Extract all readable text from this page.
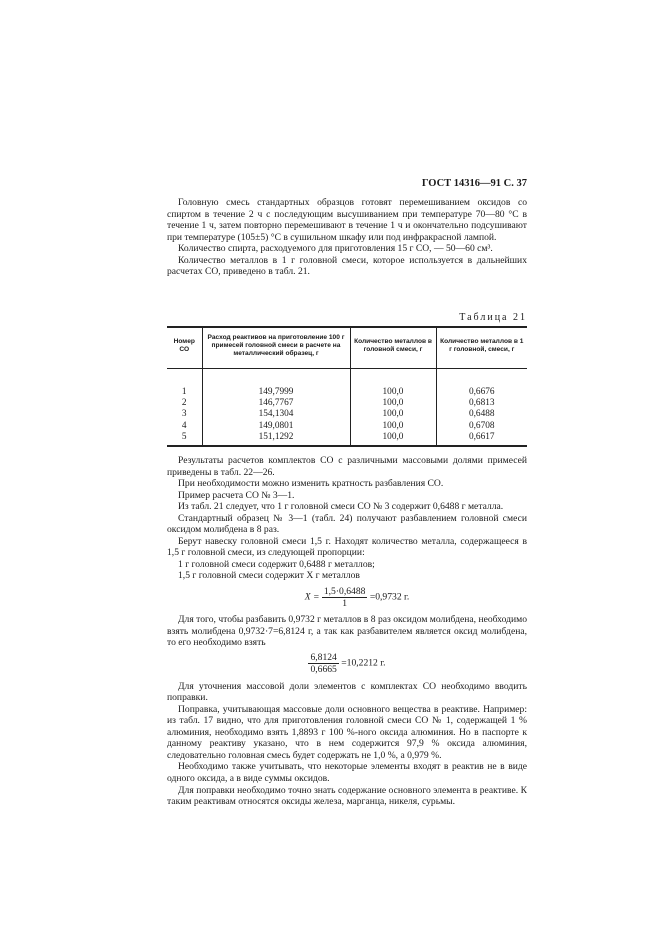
ГОСТ 14316—91 С. 37

Головную смесь стандартных образцов готовят перемешиванием оксидов со спиртом в течение 2 ч с последующим высушиванием при температуре 70—80 °С в течение 1 ч, затем повторно перемешивают в течение 1 ч и окончательно подсушивают при температуре (105±5) °С в сушильном шкафу или под инфракрасной лампой.

Количество спирта, расходуемого для приготовления 15 г СО, — 50—60 см³.

Количество металлов в 1 г головной смеси, которое используется в дальнейших расчетах СО, приведено в табл. 21.

Таблица 21
Номер СО	Расход реактивов на приготовление 100 г примесей головной смеси в расчете на металлический образец, г	Количество металлов в головной смеси, г	Количество металлов в 1 г головной, смеси, г
1	149,7999	100,0	0,6676
2	146,7767	100,0	0,6813
3	154,1304	100,0	0,6488
4	149,0801	100,0	0,6708
5	151,1292	100,0	0,6617

Результаты расчетов комплектов СО с различными массовыми долями примесей приведены в табл. 22—26.

При необходимости можно изменить кратность разбавления СО.

Пример расчета СО № 3—1.

Из табл. 21 следует, что 1 г головной смеси СО № 3 содержит 0,6488 г металла.

Стандартный образец № 3—1 (табл. 24) получают разбавлением головной смеси оксидом молибдена в 8 раз.

Берут навеску головной смеси 1,5 г. Находят количество металла, содержащееся в 1,5 г головной смеси, из следующей пропорции:

1 г головной смеси содержит 0,6488 г металлов;

1,5 г головной смеси содержит X г металлов

$X = \frac{1,5\cdot 0,6488}{1} =0,9732$ г.

Для того, чтобы разбавить 0,9732 г металлов в 8 раз оксидом молибдена, необходимо взять молибдена 0,9732·7=6,8124 г, а так как разбавителем является оксид молибдена, то его необходимо взять

$\frac{6,8124}{0,6665} =10,2212$ г.

Для уточнения массовой доли элементов с комплектах СО необходимо вводить поправки.

Поправка, учитывающая массовые доли основного вещества в реактиве. Например: из табл. 17 видно, что для приготовления головной смеси СО № 1, содержащей 1 % алюминия, необходимо взять 1,8893 г 100 %-ного оксида алюминия. Но в паспорте к данному реактиву указано, что в нем содержится 97,9 % оксида алюминия, следовательно головная смесь будет содержать не 1,0 %, а 0,979 %.

Необходимо также учитывать, что некоторые элементы входят в реактив не в виде одного оксида, а в виде суммы оксидов.

Для поправки необходимо точно знать содержание основного элемента в реактиве. К таким реактивам относятся оксиды железа, марганца, никеля, сурьмы.
